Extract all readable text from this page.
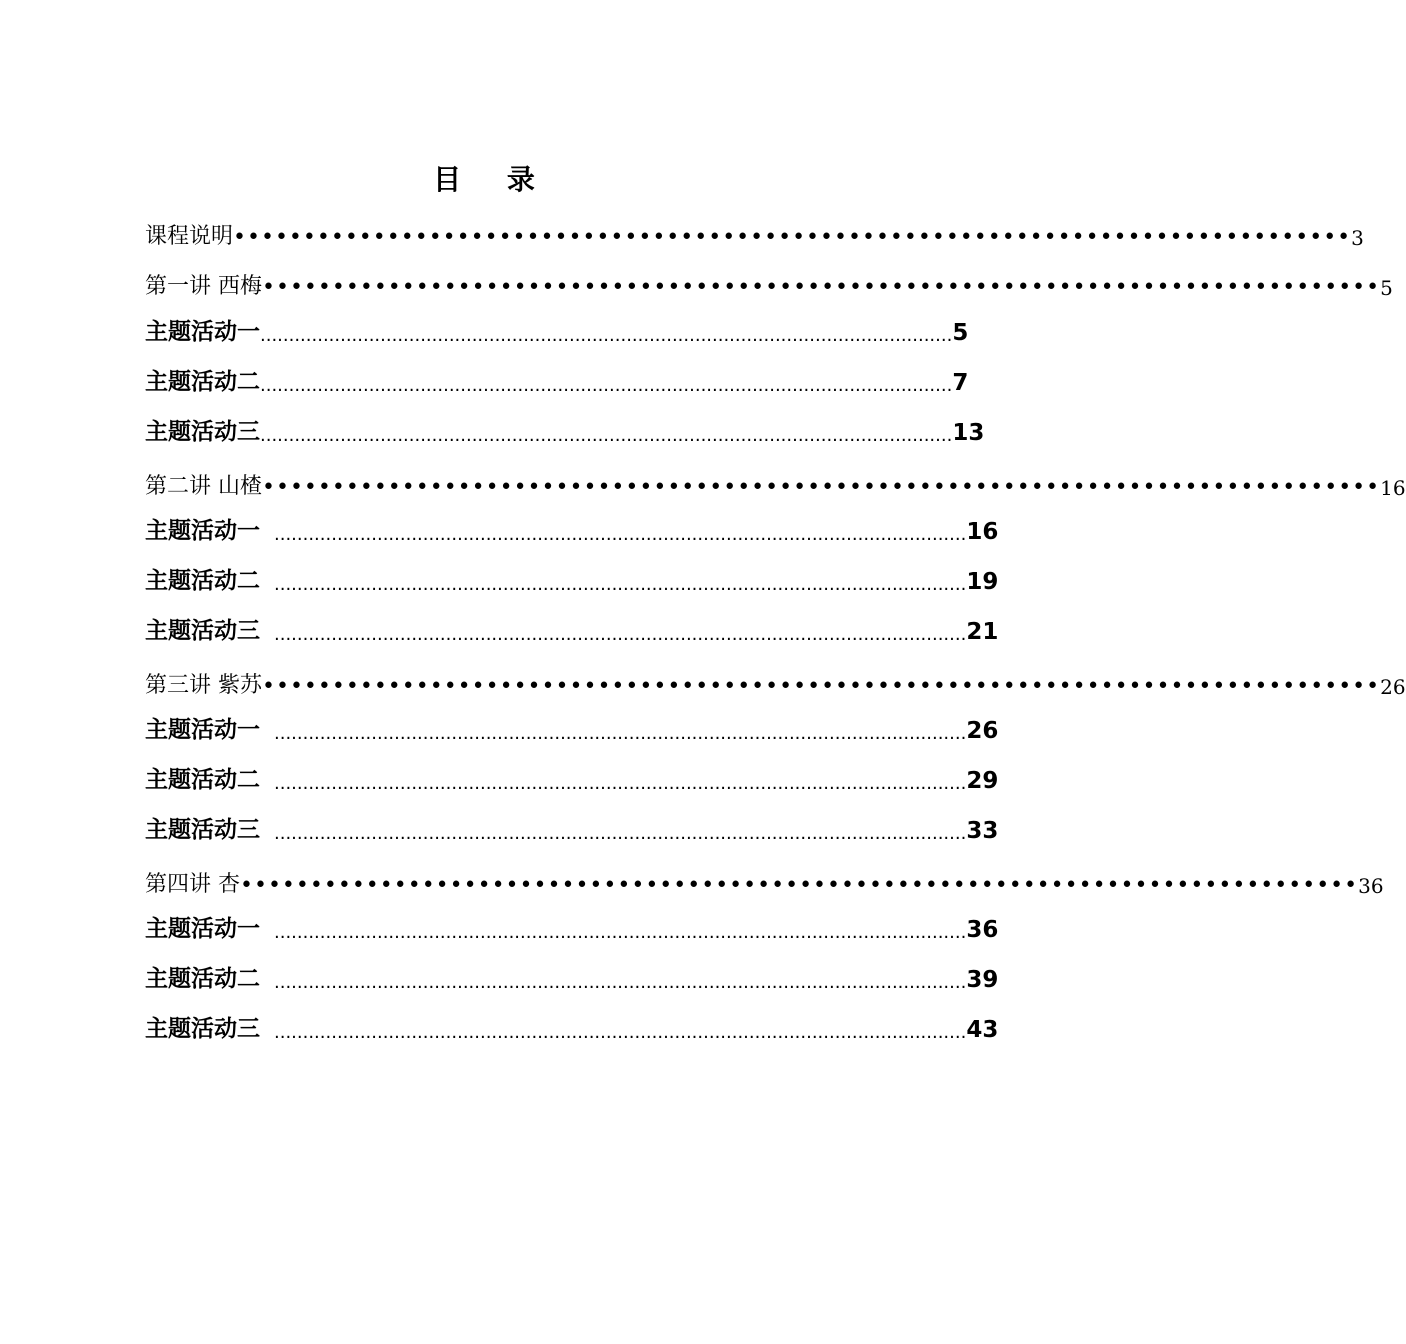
目 录
课程说明 •••••••••••••••••••••••••••••••••••••••••••••••••••••••••••••••••••••••••••••••• 3
第一讲 西梅 •••••••••••••••••••••••••••••••••••••••••••••••••••••••••••••••••••••••••••••••• 5
主题活动一 ......................................................................................................................... 5
主题活动二 ......................................................................................................................... 7
主题活动三 ......................................................................................................................... 13
第二讲 山楂 •••••••••••••••••••••••••••••••••••••••••••••••••••••••••••••••••••••••••••••••• 16
主题活动一 ......................................................................................................................... 16
主题活动二 ......................................................................................................................... 19
主题活动三 ......................................................................................................................... 21
第三讲 紫苏 •••••••••••••••••••••••••••••••••••••••••••••••••••••••••••••••••••••••••••••••• 26
主题活动一 ......................................................................................................................... 26
主题活动二 ......................................................................................................................... 29
主题活动三 ......................................................................................................................... 33
第四讲 杏 •••••••••••••••••••••••••••••••••••••••••••••••••••••••••••••••••••••••••••••••• 36
主题活动一 ......................................................................................................................... 36
主题活动二 ......................................................................................................................... 39
主题活动三 ......................................................................................................................... 43
